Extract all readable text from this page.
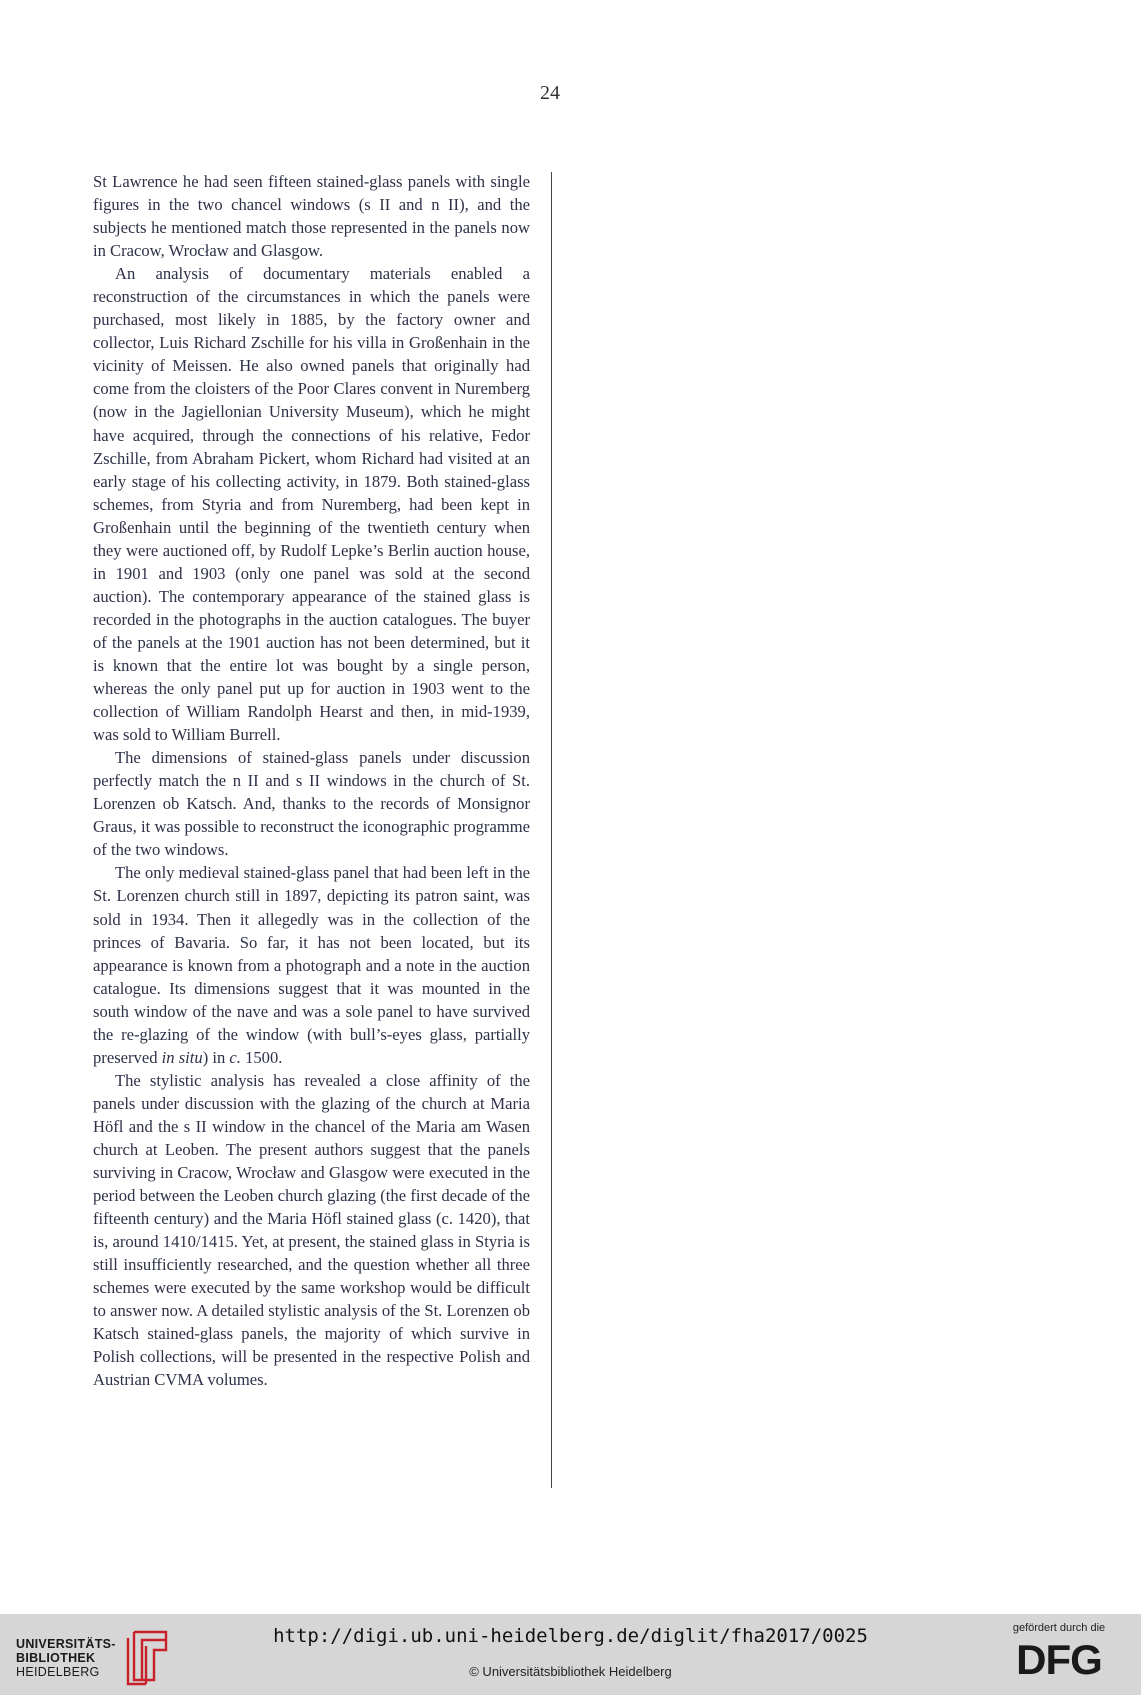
24

St Lawrence he had seen fifteen stained-glass panels with single figures in the two chancel windows (s II and n II), and the subjects he mentioned match those represented in the panels now in Cracow, Wrocław and Glasgow.

An analysis of documentary materials enabled a reconstruction of the circumstances in which the panels were purchased, most likely in 1885, by the factory owner and collector, Luis Richard Zschille for his villa in Großenhain in the vicinity of Meissen. He also owned panels that originally had come from the cloisters of the Poor Clares convent in Nuremberg (now in the Jagiellonian University Museum), which he might have acquired, through the connections of his relative, Fedor Zschille, from Abraham Pickert, whom Richard had visited at an early stage of his collecting activity, in 1879. Both stained-glass schemes, from Styria and from Nuremberg, had been kept in Großenhain until the beginning of the twentieth century when they were auctioned off, by Rudolf Lepke’s Berlin auction house, in 1901 and 1903 (only one panel was sold at the second auction). The contemporary appearance of the stained glass is recorded in the photographs in the auction catalogues. The buyer of the panels at the 1901 auction has not been determined, but it is known that the entire lot was bought by a single person, whereas the only panel put up for auction in 1903 went to the collection of William Randolph Hearst and then, in mid-1939, was sold to William Burrell.

The dimensions of stained-glass panels under discussion perfectly match the n II and s II windows in the church of St. Lorenzen ob Katsch. And, thanks to the records of Monsignor Graus, it was possible to reconstruct the iconographic programme of the two windows.

The only medieval stained-glass panel that had been left in the St. Lorenzen church still in 1897, depicting its patron saint, was sold in 1934. Then it allegedly was in the collection of the princes of Bavaria. So far, it has not been located, but its appearance is known from a photograph and a note in the auction catalogue. Its dimensions suggest that it was mounted in the south window of the nave and was a sole panel to have survived the re-glazing of the window (with bull’s-eyes glass, partially preserved in situ) in c. 1500.

The stylistic analysis has revealed a close affinity of the panels under discussion with the glazing of the church at Maria Höfl and the s II window in the chancel of the Maria am Wasen church at Leoben. The present authors suggest that the panels surviving in Cracow, Wrocław and Glasgow were executed in the period between the Leoben church glazing (the first decade of the fifteenth century) and the Maria Höfl stained glass (c. 1420), that is, around 1410/1415. Yet, at present, the stained glass in Styria is still insufficiently researched, and the question whether all three schemes were executed by the same workshop would be difficult to answer now. A detailed stylistic analysis of the St. Lorenzen ob Katsch stained-glass panels, the majority of which survive in Polish collections, will be presented in the respective Polish and Austrian CVMA volumes.

UNIVERSITÄTS-
BIBLIOTHEK
HEIDELBERG
http://digi.ub.uni-heidelberg.de/diglit/fha2017/0025
© Universitätsbibliothek Heidelberg
gefördert durch die
DFG
